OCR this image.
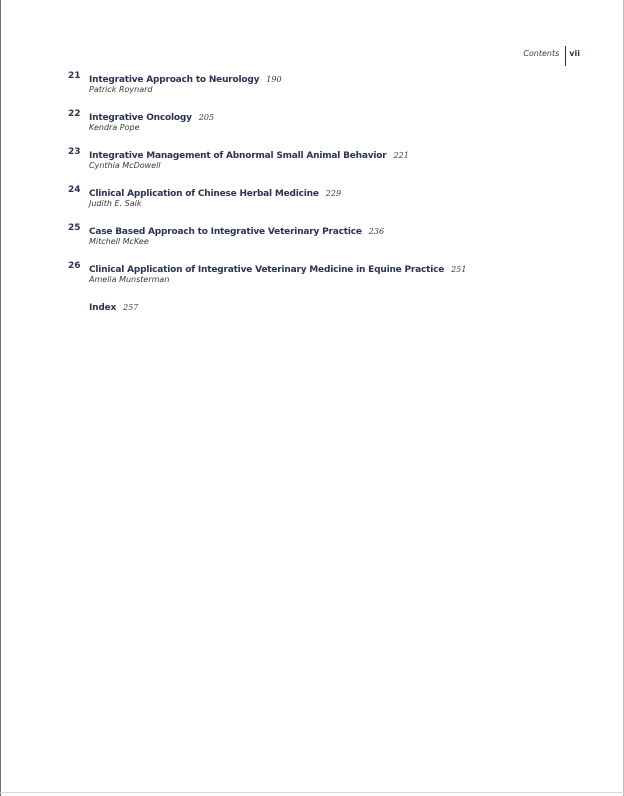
Contents	vii
21 Integrative Approach to Neurology 190
Patrick Roynard
22 Integrative Oncology 205
Kendra Pope
23 Integrative Management of Abnormal Small Animal Behavior 221
Cynthia McDowell
24 Clinical Application of Chinese Herbal Medicine 229
Judith E. Saik
25 Case Based Approach to Integrative Veterinary Practice 236
Mitchell McKee
26 Clinical Application of Integrative Veterinary Medicine in Equine Practice 251
Amelia Munsterman
Index 257
